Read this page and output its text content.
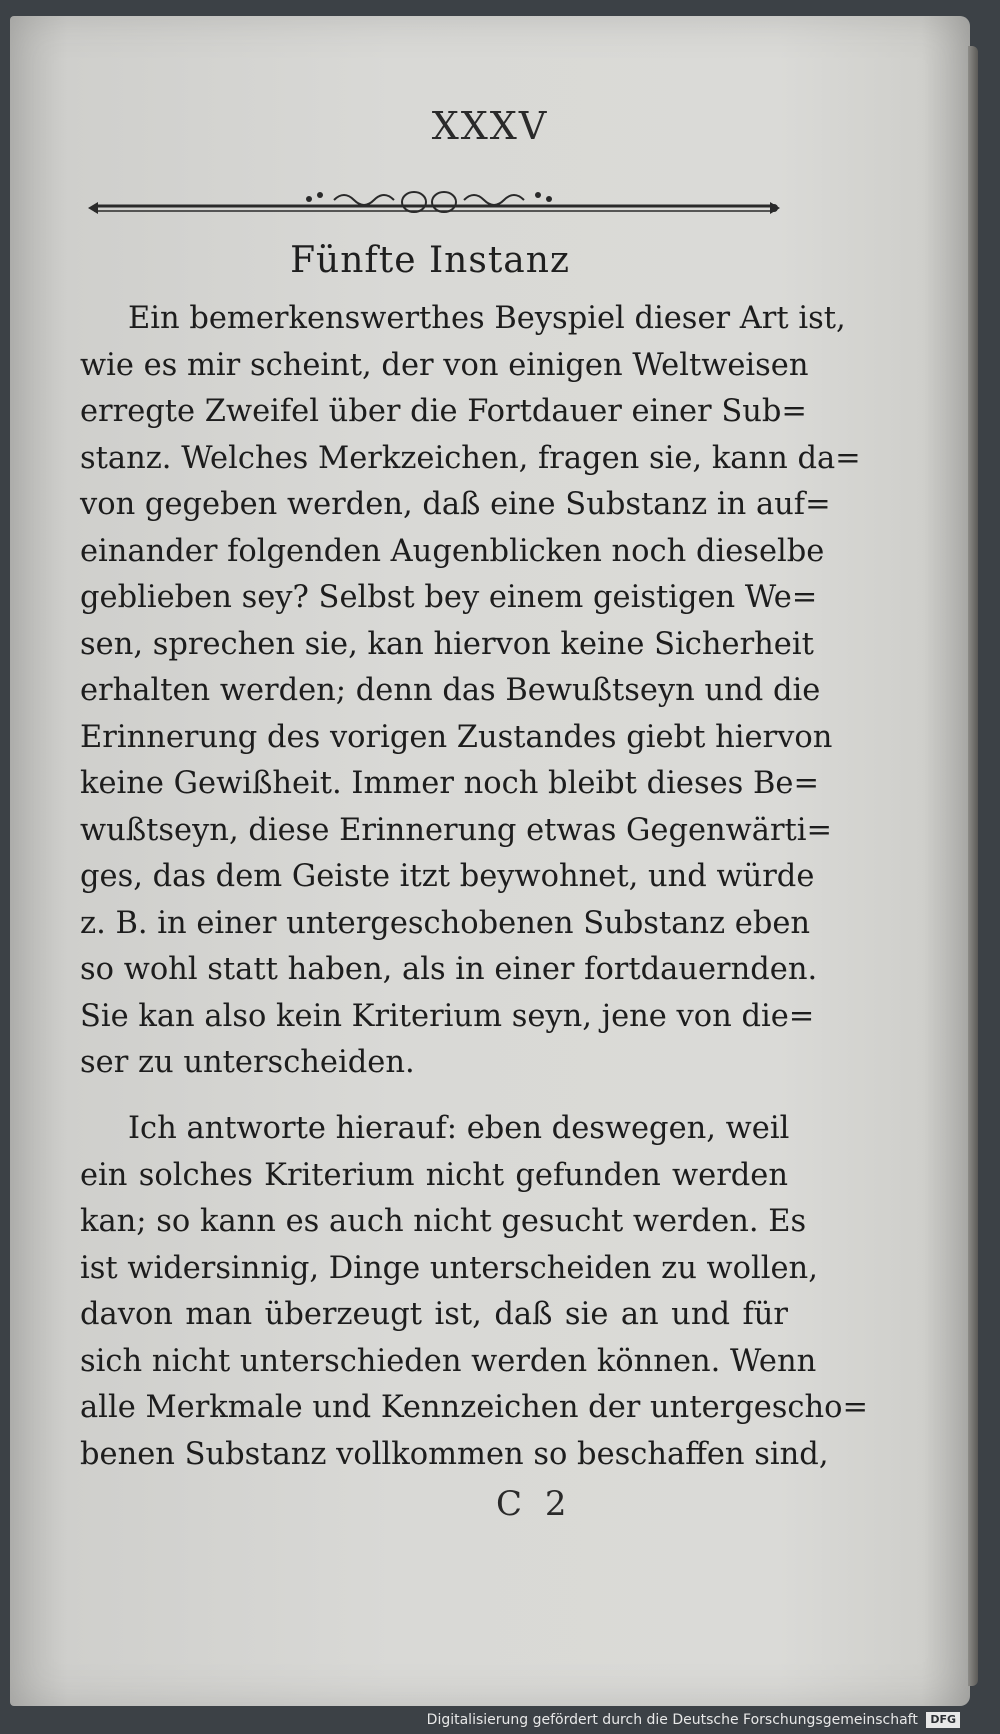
XXXV
Fünfte Instanz
Ein bemerkenswerthes Beyspiel dieser Art ist,
wie es mir scheint, der von einigen Weltweisen
erregte Zweifel über die Fortdauer einer Sub=
stanz. Welches Merkzeichen, fragen sie, kann da=
von gegeben werden, daß eine Substanz in auf=
einander folgenden Augenblicken noch dieselbe
geblieben sey? Selbst bey einem geistigen We=
sen, sprechen sie, kan hiervon keine Sicherheit
erhalten werden; denn das Bewußtseyn und die
Erinnerung des vorigen Zustandes giebt hiervon
keine Gewißheit. Immer noch bleibt dieses Be=
wußtseyn, diese Erinnerung etwas Gegenwärti=
ges, das dem Geiste itzt beywohnet, und würde
z. B. in einer untergeschobenen Substanz eben
so wohl statt haben, als in einer fortdauernden.
Sie kan also kein Kriterium seyn, jene von die=
ser zu unterscheiden.
Ich antworte hierauf: eben deswegen, weil
ein solches Kriterium nicht gefunden werden
kan; so kann es auch nicht gesucht werden. Es
ist widersinnig, Dinge unterscheiden zu wollen,
davon man überzeugt ist, daß sie an und für
sich nicht unterschieden werden können. Wenn
alle Merkmale und Kennzeichen der untergescho=
benen Substanz vollkommen so beschaffen sind,
C 2
Digitalisierung gefördert durch die Deutsche Forschungsgemeinschaft DFG
